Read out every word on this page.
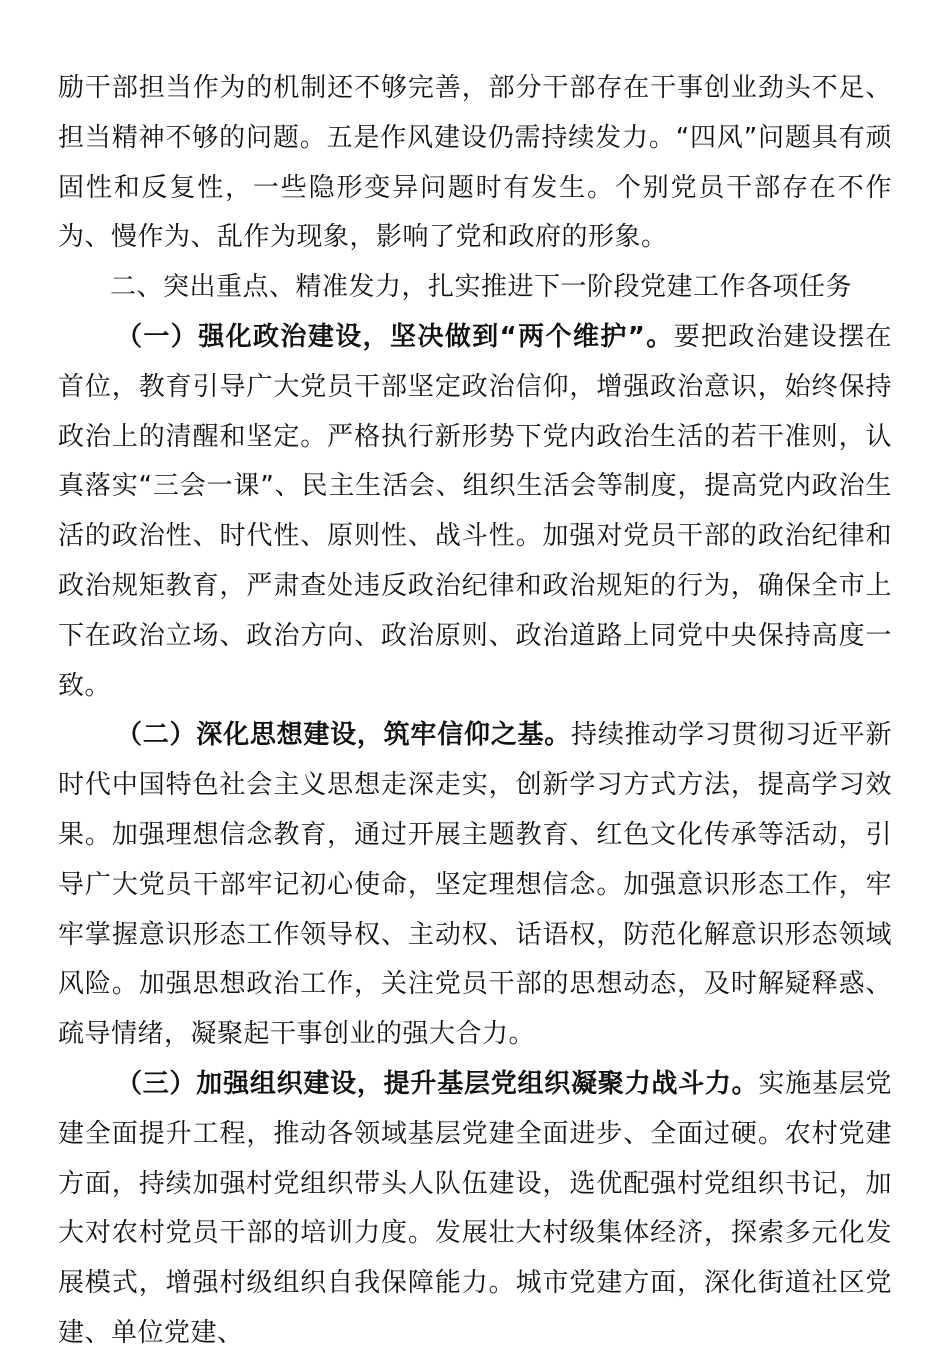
励干部担当作为的机制还不够完善，部分干部存在干事创业劲头不足、担当精神不够的问题。五是作风建设仍需持续发力。“四风”问题具有顽固性和反复性，一些隐形变异问题时有发生。个别党员干部存在不作为、慢作为、乱作为现象，影响了党和政府的形象。

二、突出重点、精准发力，扎实推进下一阶段党建工作各项任务

（一）强化政治建设，坚决做到“两个维护”。要把政治建设摆在首位，教育引导广大党员干部坚定政治信仰，增强政治意识，始终保持政治上的清醒和坚定。严格执行新形势下党内政治生活的若干准则，认真落实“三会一课”、民主生活会、组织生活会等制度，提高党内政治生活的政治性、时代性、原则性、战斗性。加强对党员干部的政治纪律和政治规矩教育，严肃查处违反政治纪律和政治规矩的行为，确保全市上下在政治立场、政治方向、政治原则、政治道路上同党中央保持高度一致。

（二）深化思想建设，筑牢信仰之基。持续推动学习贯彻习近平新时代中国特色社会主义思想走深走实，创新学习方式方法，提高学习效果。加强理想信念教育，通过开展主题教育、红色文化传承等活动，引导广大党员干部牢记初心使命，坚定理想信念。加强意识形态工作，牢牢掌握意识形态工作领导权、主动权、话语权，防范化解意识形态领域风险。加强思想政治工作，关注党员干部的思想动态，及时解疑释惑、疏导情绪，凝聚起干事创业的强大合力。

（三）加强组织建设，提升基层党组织凝聚力战斗力。实施基层党建全面提升工程，推动各领域基层党建全面进步、全面过硬。农村党建方面，持续加强村党组织带头人队伍建设，选优配强村党组织书记，加大对农村党员干部的培训力度。发展壮大村级集体经济，探索多元化发展模式，增强村级组织自我保障能力。城市党建方面，深化街道社区党建、单位党建、
